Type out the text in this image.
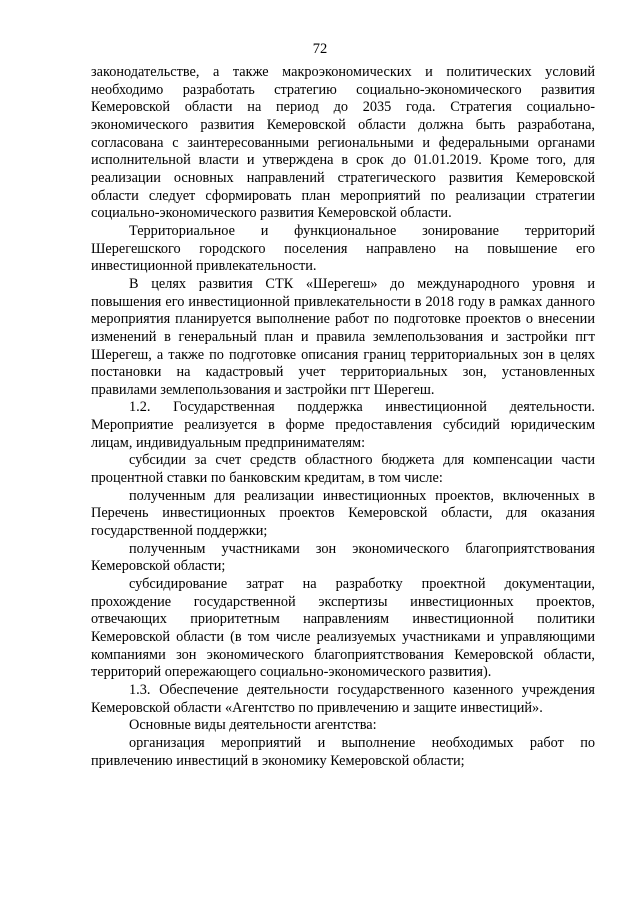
72

законодательстве, а также макроэкономических и политических условий необходимо разработать стратегию социально-экономического развития Кемеровской области на период до 2035 года. Стратегия социально-экономического развития Кемеровской области должна быть разработана, согласована с заинтересованными региональными и федеральными органами исполнительной власти и утверждена в срок до 01.01.2019. Кроме того, для реализации основных направлений стратегического развития Кемеровской области следует сформировать план мероприятий по реализации стратегии социально-экономического развития Кемеровской области.

Территориальное и функциональное зонирование территорий Шерегешского городского поселения направлено на повышение его инвестиционной привлекательности.

В целях развития СТК «Шерегеш» до международного уровня и повышения его инвестиционной привлекательности в 2018 году в рамках данного мероприятия планируется выполнение работ по подготовке проектов о внесении изменений в генеральный план и правила землепользования и застройки пгт Шерегеш, а также по подготовке описания границ территориальных зон в целях постановки на кадастровый учет территориальных зон, установленных правилами землепользования и застройки пгт Шерегеш.

1.2. Государственная поддержка инвестиционной деятельности. Мероприятие реализуется в форме предоставления субсидий юридическим лицам, индивидуальным предпринимателям:

субсидии за счет средств областного бюджета для компенсации части процентной ставки по банковским кредитам, в том числе:

полученным для реализации инвестиционных проектов, включенных в Перечень инвестиционных проектов Кемеровской области, для оказания государственной поддержки;

полученным участниками зон экономического благоприятствования Кемеровской области;

субсидирование затрат на разработку проектной документации, прохождение государственной экспертизы инвестиционных проектов, отвечающих приоритетным направлениям инвестиционной политики Кемеровской области (в том числе реализуемых участниками и управляющими компаниями зон экономического благоприятствования Кемеровской области, территорий опережающего социально-экономического развития).

1.3. Обеспечение деятельности государственного казенного учреждения Кемеровской области «Агентство по привлечению и защите инвестиций».

Основные виды деятельности агентства:

организация мероприятий и выполнение необходимых работ по привлечению инвестиций в экономику Кемеровской области;
